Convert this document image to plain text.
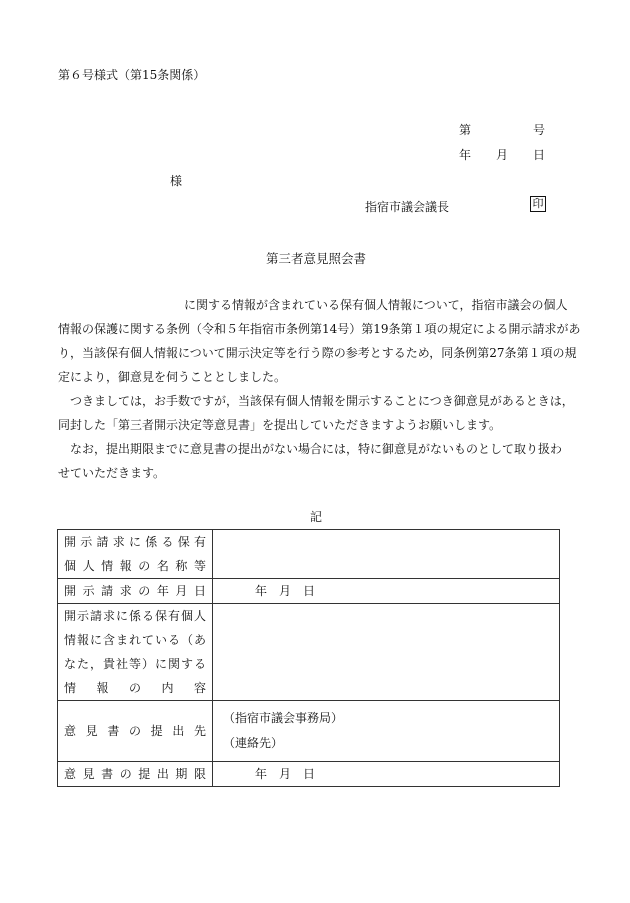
第６号様式（第15条関係）
第	号
年 月 日
様
指宿市議会議長	印
第三者意見照会書
に関する情報が含まれている保有個人情報について，指宿市議会の個人
情報の保護に関する条例（令和５年指宿市条例第14号）第19条第１項の規定による開示請求があ
り，当該保有個人情報について開示決定等を行う際の参考とするため，同条例第27条第１項の規
定により，御意見を伺うこととしました。
つきましては，お手数ですが，当該保有個人情報を開示することにつき御意見があるときは，
同封した「第三者開示決定等意見書」を提出していただきますようお願いします。
なお，提出期限までに意見書の提出がない場合には，特に御意見がないものとして取り扱わ
せていただきます。
記
開示請求に係る保有
個人情報の名称等	

開示請求の年月日	年　月　日

開示請求に係る保有個人
情報に含まれている（あ
なた，貴社等）に関する
情報の内容	

意見書の提出先	（指宿市議会事務局）
（連絡先）

意見書の提出期限	年　月　日
